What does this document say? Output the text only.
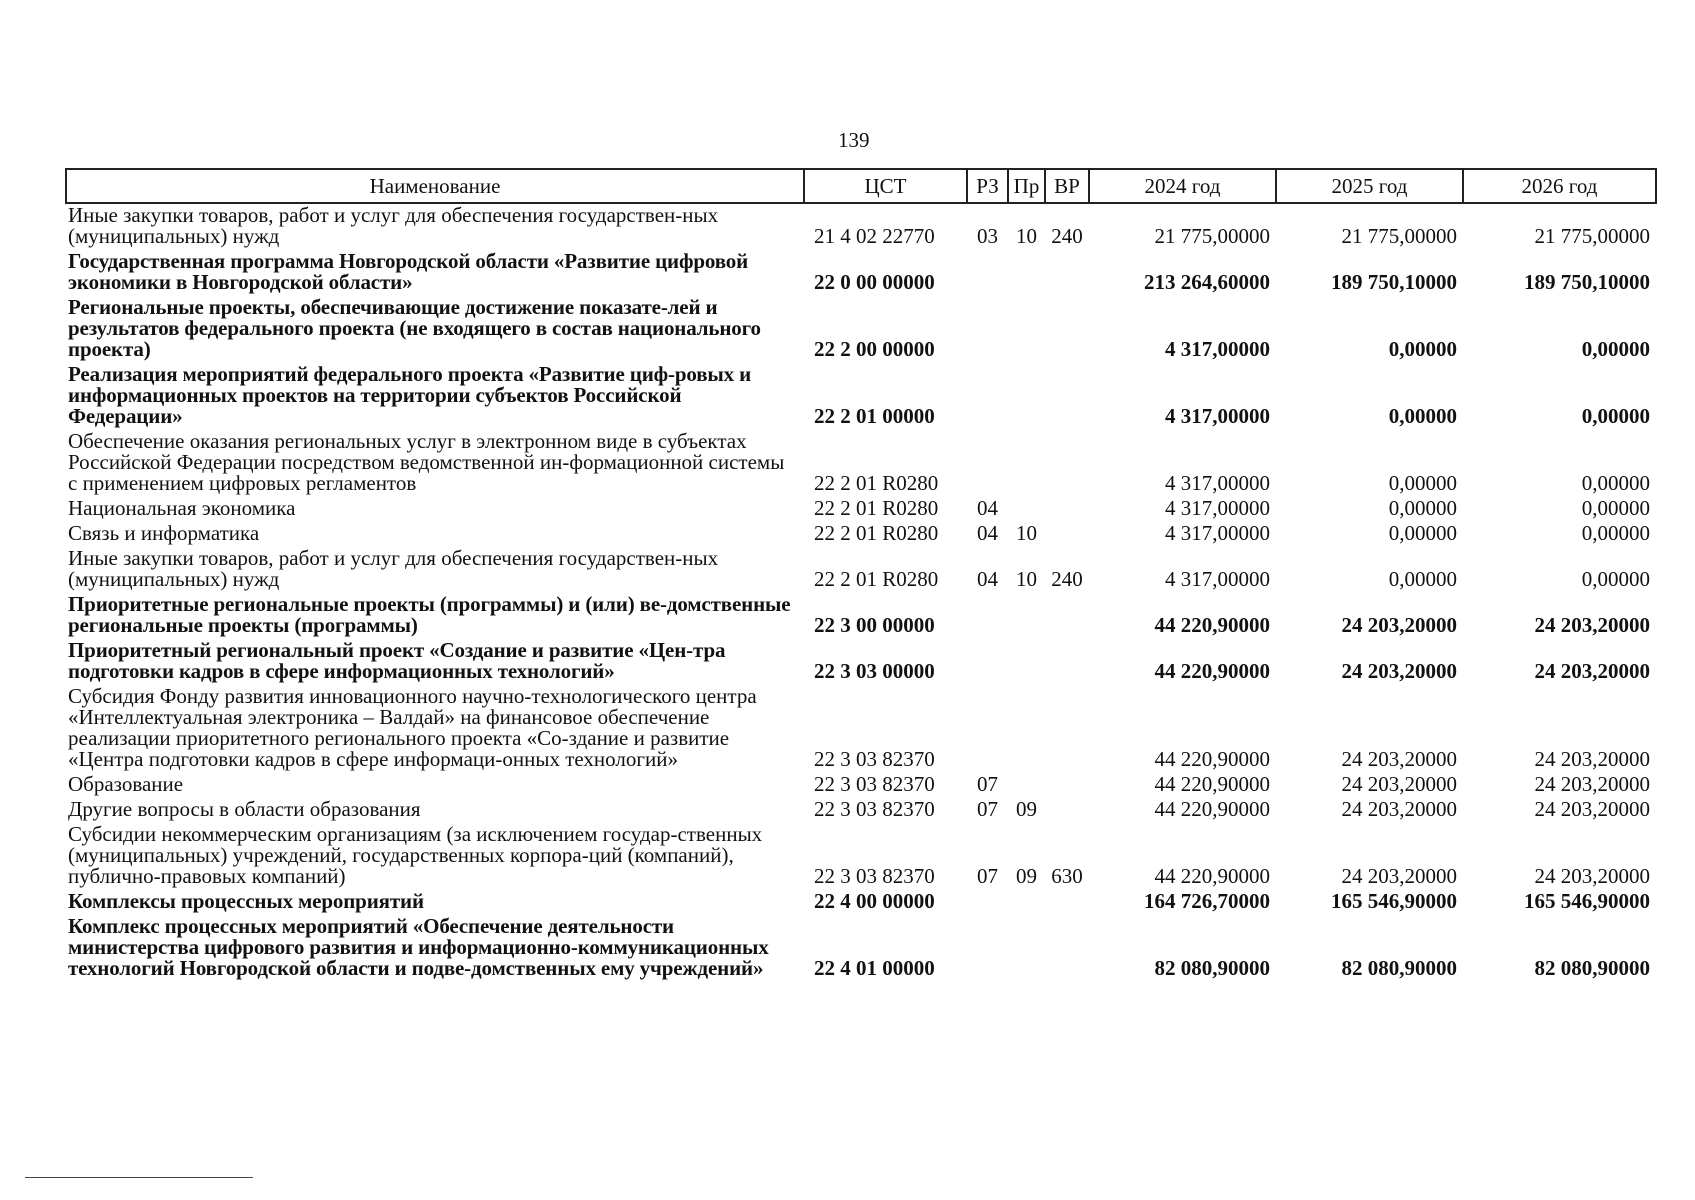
139
Наименование	ЦСТ	РЗ	Пр	ВР	2024 год	2025 год	2026 год
Иные закупки товаров, работ и услуг для обеспечения государствен-ных (муниципальных) нужд	21 4 02 22770	03	10	240	21 775,00000	21 775,00000	21 775,00000
Государственная программа Новгородской области «Развитие цифровой экономики в Новгородской области»	22 0 00 00000				213 264,60000	189 750,10000	189 750,10000
Региональные проекты, обеспечивающие достижение показате-лей и результатов федерального проекта (не входящего в состав национального проекта)	22 2 00 00000				4 317,00000	0,00000	0,00000
Реализация мероприятий федерального проекта «Развитие циф-ровых и информационных проектов на территории субъектов Российской Федерации»	22 2 01 00000				4 317,00000	0,00000	0,00000
Обеспечение оказания региональных услуг в электронном виде в субъектах Российской Федерации посредством ведомственной ин-формационной системы с применением цифровых регламентов	22 2 01 R0280				4 317,00000	0,00000	0,00000
Национальная экономика	22 2 01 R0280	04			4 317,00000	0,00000	0,00000
Связь и информатика	22 2 01 R0280	04	10		4 317,00000	0,00000	0,00000
Иные закупки товаров, работ и услуг для обеспечения государствен-ных (муниципальных) нужд	22 2 01 R0280	04	10	240	4 317,00000	0,00000	0,00000
Приоритетные региональные проекты (программы) и (или) ве-домственные региональные проекты (программы)	22 3 00 00000				44 220,90000	24 203,20000	24 203,20000
Приоритетный региональный проект «Создание и развитие «Цен-тра подготовки кадров в сфере информационных технологий»	22 3 03 00000				44 220,90000	24 203,20000	24 203,20000
Субсидия Фонду развития инновационного научно-технологического центра «Интеллектуальная электроника – Валдай» на финансовое обеспечение реализации приоритетного регионального проекта «Со-здание и развитие «Центра подготовки кадров в сфере информаци-онных технологий»	22 3 03 82370				44 220,90000	24 203,20000	24 203,20000
Образование	22 3 03 82370	07			44 220,90000	24 203,20000	24 203,20000
Другие вопросы в области образования	22 3 03 82370	07	09		44 220,90000	24 203,20000	24 203,20000
Субсидии некоммерческим организациям (за исключением государ-ственных (муниципальных) учреждений, государственных корпора-ций (компаний), публично-правовых компаний)	22 3 03 82370	07	09	630	44 220,90000	24 203,20000	24 203,20000
Комплексы процессных мероприятий	22 4 00 00000				164 726,70000	165 546,90000	165 546,90000
Комплекс процессных мероприятий «Обеспечение деятельности министерства цифрового развития и информационно-коммуникационных технологий Новгородской области и подве-домственных ему учреждений»	22 4 01 00000				82 080,90000	82 080,90000	82 080,90000
